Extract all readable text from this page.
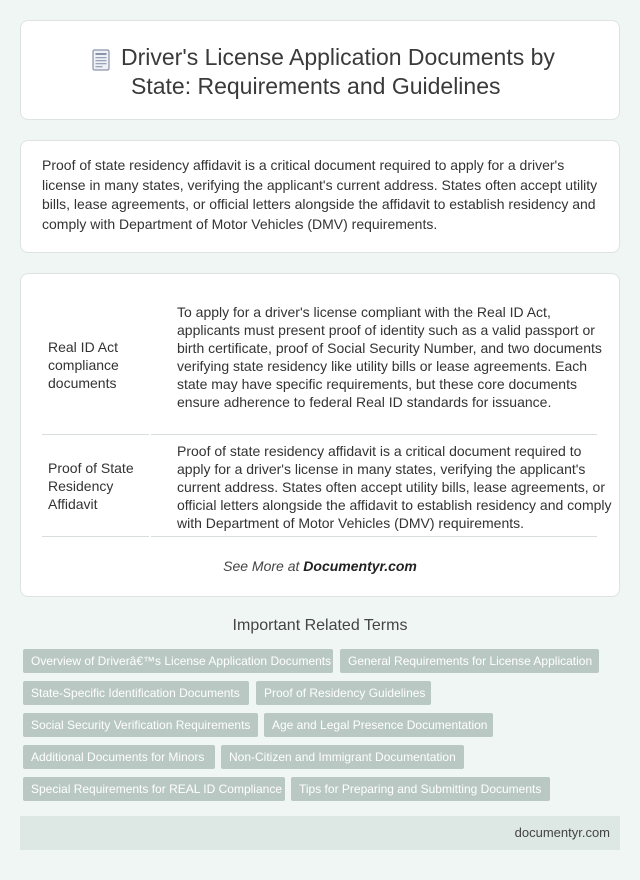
Driver's License Application Documents by
State: Requirements and Guidelines

Proof of state residency affidavit is a critical document required to apply for a driver's license in many states, verifying the applicant's current address. States often accept utility bills, lease agreements, or official letters alongside the affidavit to establish residency and comply with Department of Motor Vehicles (DMV) requirements.

Real ID Act compliance documents
To apply for a driver's license compliant with the Real ID Act, applicants must present proof of identity such as a valid passport or birth certificate, proof of Social Security Number, and two documents verifying state residency like utility bills or lease agreements. Each state may have specific requirements, but these core documents ensure adherence to federal Real ID standards for issuance.
Proof of State Residency Affidavit
Proof of state residency affidavit is a critical document required to apply for a driver's license in many states, verifying the applicant's current address. States often accept utility bills, lease agreements, or official letters alongside the affidavit to establish residency and comply with Department of Motor Vehicles (DMV) requirements.
See More at Documentyr.com
Important Related Terms
Overview of Driverâ€™s License Application Documents	General Requirements for License Application
State-Specific Identification Documents	Proof of Residency Guidelines
Social Security Verification Requirements	Age and Legal Presence Documentation
Additional Documents for Minors	Non-Citizen and Immigrant Documentation
Special Requirements for REAL ID Compliance	Tips for Preparing and Submitting Documents
documentyr.com
